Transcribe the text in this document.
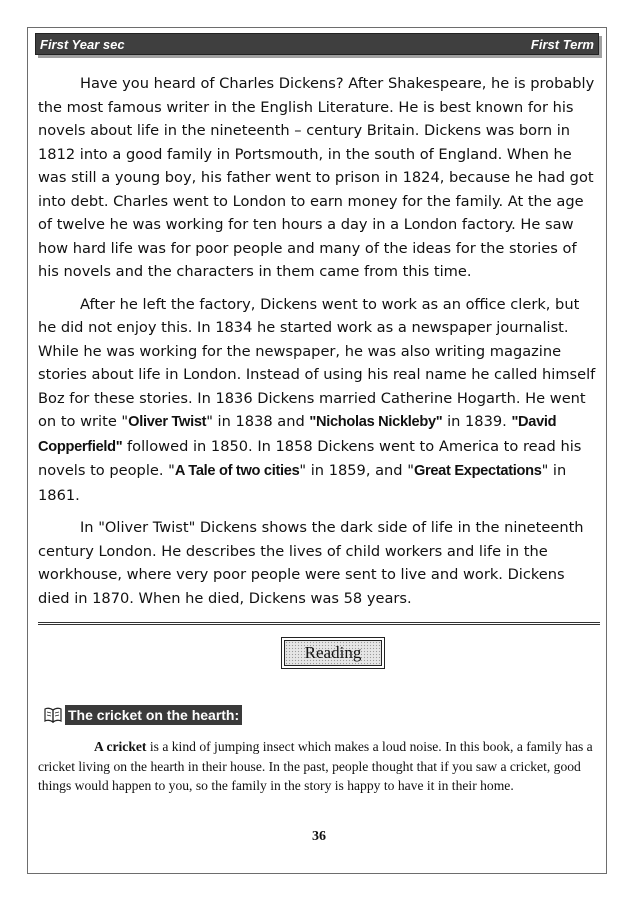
First Year sec	First Term

Have you heard of Charles Dickens? After Shakespeare, he is probably the most famous writer in the English Literature. He is best known for his novels about life in the nineteenth – century Britain. Dickens was born in 1812 into a good family in Portsmouth, in the south of England. When he was still a young boy, his father went to prison in 1824, because he had got into debt. Charles went to London to earn money for the family. At the age of twelve he was working for ten hours a day in a London factory. He saw how hard life was for poor people and many of the ideas for the stories of his novels and the characters in them came from this time.

After he left the factory, Dickens went to work as an office clerk, but he did not enjoy this. In 1834 he started work as a newspaper journalist. While he was working for the newspaper, he was also writing magazine stories about life in London. Instead of using his real name he called himself Boz for these stories. In 1836 Dickens married Catherine Hogarth. He went on to write "Oliver Twist" in 1838 and "Nicholas Nickleby" in 1839. "David Copperfield" followed in 1850. In 1858 Dickens went to America to read his novels to people. "A Tale of two cities" in 1859, and "Great Expectations" in 1861.

In "Oliver Twist" Dickens shows the dark side of life in the nineteenth century London. He describes the lives of child workers and life in the workhouse, where very poor people were sent to live and work. Dickens died in 1870. When he died, Dickens was 58 years.

Reading
The cricket on the hearth:

A cricket is a kind of jumping insect which makes a loud noise. In this book, a family has a cricket living on the hearth in their house. In the past, people thought that if you saw a cricket, good things would happen to you, so the family in the story is happy to have it in their home.

36
